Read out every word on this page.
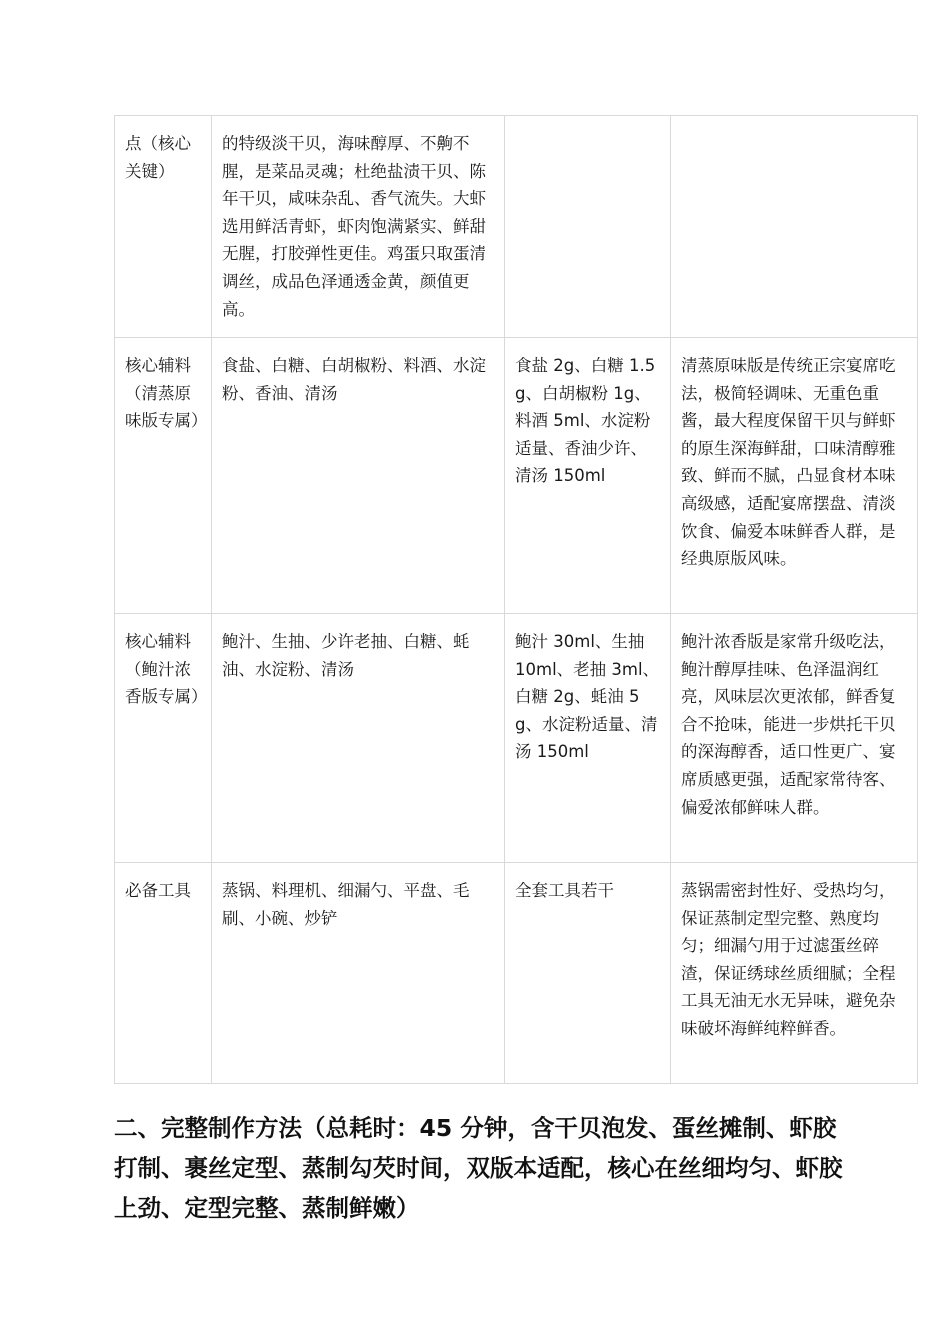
点（核心关键）	的特级淡干贝，海味醇厚、不齁不腥，是菜品灵魂；杜绝盐渍干贝、陈年干贝，咸味杂乱、香气流失。大虾选用鲜活青虾，虾肉饱满紧实、鲜甜无腥，打胶弹性更佳。鸡蛋只取蛋清调丝，成品色泽通透金黄，颜值更高。		
核心辅料（清蒸原味版专属）	食盐、白糖、白胡椒粉、料酒、水淀粉、香油、清汤	食盐 2g、白糖 1.5g、白胡椒粉 1g、料酒 5ml、水淀粉适量、香油少许、清汤 150ml	清蒸原味版是传统正宗宴席吃法，极简轻调味、无重色重酱，最大程度保留干贝与鲜虾的原生深海鲜甜，口味清醇雅致、鲜而不腻，凸显食材本味高级感，适配宴席摆盘、清淡饮食、偏爱本味鲜香人群，是经典原版风味。
核心辅料（鲍汁浓香版专属）	鲍汁、生抽、少许老抽、白糖、蚝油、水淀粉、清汤	鲍汁 30ml、生抽 10ml、老抽 3ml、白糖 2g、蚝油 5g、水淀粉适量、清汤 150ml	鲍汁浓香版是家常升级吃法，鲍汁醇厚挂味、色泽温润红亮，风味层次更浓郁，鲜香复合不抢味，能进一步烘托干贝的深海醇香，适口性更广、宴席质感更强，适配家常待客、偏爱浓郁鲜味人群。
必备工具	蒸锅、料理机、细漏勺、平盘、毛刷、小碗、炒铲	全套工具若干	蒸锅需密封性好、受热均匀，保证蒸制定型完整、熟度均匀；细漏勺用于过滤蛋丝碎渣，保证绣球丝质细腻；全程工具无油无水无异味，避免杂味破坏海鲜纯粹鲜香。
二、完整制作方法（总耗时：45 分钟，含干贝泡发、蛋丝摊制、虾胶打制、裹丝定型、蒸制勾芡时间，双版本适配，核心在丝细均匀、虾胶上劲、定型完整、蒸制鲜嫩）
